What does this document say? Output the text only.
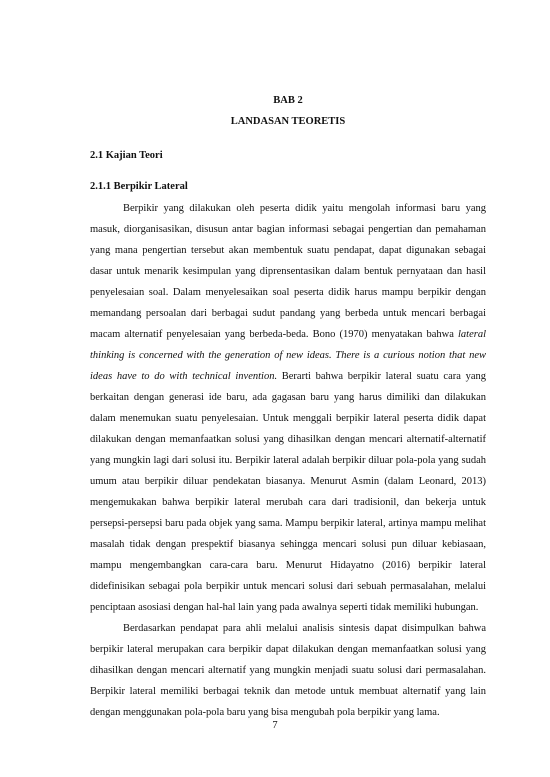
BAB 2
LANDASAN TEORETIS
2.1 Kajian Teori
2.1.1 Berpikir Lateral

Berpikir yang dilakukan oleh peserta didik yaitu mengolah informasi baru yang masuk, diorganisasikan, disusun antar bagian informasi sebagai pengertian dan pemahaman yang mana pengertian tersebut akan membentuk suatu pendapat, dapat digunakan sebagai dasar untuk menarik kesimpulan yang diprensentasikan dalam bentuk pernyataan dan hasil penyelesaian soal. Dalam menyelesaikan soal peserta didik harus mampu berpikir dengan memandang persoalan dari berbagai sudut pandang yang berbeda untuk mencari berbagai macam alternatif penyelesaian yang berbeda-beda. Bono (1970) menyatakan bahwa lateral thinking is concerned with the generation of new ideas. There is a curious notion that new ideas have to do with technical invention. Berarti bahwa berpikir lateral suatu cara yang berkaitan dengan generasi ide baru, ada gagasan baru yang harus dimiliki dan dilakukan dalam menemukan suatu penyelesaian. Untuk menggali berpikir lateral peserta didik dapat dilakukan dengan memanfaatkan solusi yang dihasilkan dengan mencari alternatif-alternatif yang mungkin lagi dari solusi itu. Berpikir lateral adalah berpikir diluar pola-pola yang sudah umum atau berpikir diluar pendekatan biasanya. Menurut Asmin (dalam Leonard, 2013) mengemukakan bahwa berpikir lateral merubah cara dari tradisionil, dan bekerja untuk persepsi-persepsi baru pada objek yang sama. Mampu berpikir lateral, artinya mampu melihat masalah tidak dengan prespektif biasanya sehingga mencari solusi pun diluar kebiasaan, mampu mengembangkan cara-cara baru. Menurut Hidayatno (2016) berpikir lateral didefinisikan sebagai pola berpikir untuk mencari solusi dari sebuah permasalahan, melalui penciptaan asosiasi dengan hal-hal lain yang pada awalnya seperti tidak memiliki hubungan.

Berdasarkan pendapat para ahli melalui analisis sintesis dapat disimpulkan bahwa berpikir lateral merupakan cara berpikir dapat dilakukan dengan memanfaatkan solusi yang dihasilkan dengan mencari alternatif yang mungkin menjadi suatu solusi dari permasalahan. Berpikir lateral memiliki berbagai teknik dan metode untuk membuat alternatif yang lain dengan menggunakan pola-pola baru yang bisa mengubah pola berpikir yang lama.

7
